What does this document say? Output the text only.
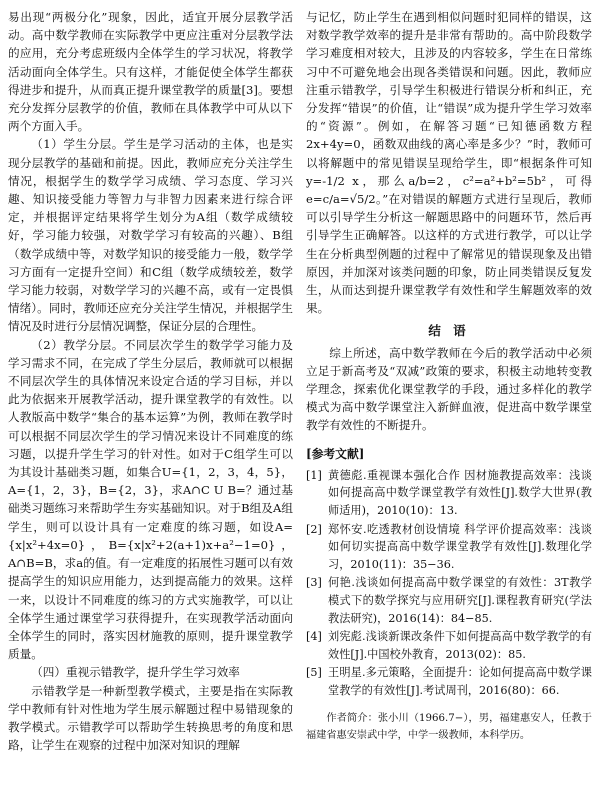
易出现“两极分化”现象，因此，适宜开展分层教学活动。高中数学教师在实际教学中更应注重对分层教学法的应用，充分考虑班级内全体学生的学习状况，将教学活动面向全体学生。只有这样，才能促使全体学生都获得进步和提升，从而真正提升课堂教学的质量[3]。要想充分发挥分层教学的价值，教师在具体教学中可从以下两个方面入手。

（1）学生分层。学生是学习活动的主体，也是实现分层教学的基础和前提。因此，教师应充分关注学生情况，根据学生的数学学习成绩、学习态度、学习兴趣、知识接受能力等智力与非智力因素来进行综合评定，并根据评定结果将学生划分为A组（数学成绩较好，学习能力较强，对数学学习有较高的兴趣）、B组（数学成绩中等，对数学知识的接受能力一般，数学学习方面有一定提升空间）和C组（数学成绩较差，数学学习能力较弱，对数学学习的兴趣不高，或有一定畏惧情绪）。同时，教师还应充分关注学生情况，并根据学生情况及时进行分层情况调整，保证分层的合理性。

（2）教学分层。不同层次学生的数学学习能力及学习需求不同，在完成了学生分层后，教师就可以根据不同层次学生的具体情况来设定合适的学习目标，并以此为依据来开展教学活动，提升课堂教学的有效性。以人教版高中数学“集合的基本运算”为例，教师在教学时可以根据不同层次学生的学习情况来设计不同难度的练习题，以提升学生学习的针对性。如对于C组学生可以为其设计基础类习题，如集合U={1，2，3，4，5}，A={1，2，3}，B={2，3}，求A∩C U B=？通过基础类习题练习来帮助学生夯实基础知识。对于B组及A组学生，则可以设计具有一定难度的练习题，如设A={x|x²+4x=0}，B={x|x²+2(a+1)x+a²−1=0}，A∩B=B，求a的值。有一定难度的拓展性习题可以有效提高学生的知识应用能力，达到提高能力的效果。这样一来，以设计不同难度的练习的方式实施教学，可以让全体学生通过课堂学习获得提升，在实现教学活动面向全体学生的同时，落实因材施教的原则，提升课堂教学质量。

（四）重视示错教学，提升学生学习效率

示错教学是一种新型教学模式，主要是指在实际教学中教师有针对性地为学生展示解题过程中易错现象的教学模式。示错教学可以帮助学生转换思考的角度和思路，让学生在观察的过程中加深对知识的理解

与记忆，防止学生在遇到相似问题时犯同样的错误，这对数学教学效率的提升是非常有帮助的。高中阶段数学学习难度相对较大，且涉及的内容较多，学生在日常练习中不可避免地会出现各类错误和问题。因此，教师应注重示错教学，引导学生积极进行错误分析和纠正，充分发挥“错误”的价值，让“错误”成为提升学生学习效率的“资源”。例如，在解答习题“已知德函数方程2x+4y=0，函数双曲线的离心率是多少？”时，教师可以将解题中的常见错误呈现给学生，即“根据条件可知y=-1/2 x，那么a/b=2，c²=a²+b²=5b²，可得e=c/a=√5/2。”在对错误的解题方式进行呈现后，教师可以引导学生分析这一解题思路中的问题环节，然后再引导学生正确解答。以这样的方式进行教学，可以让学生在分析典型例题的过程中了解常见的错误现象及出错原因，并加深对该类问题的印象，防止同类错误反复发生，从而达到提升课堂教学有效性和学生解题效率的效果。

结 语

综上所述，高中数学教师在今后的教学活动中必须立足于新高考及“双减”政策的要求，积极主动地转变教学理念，探索优化课堂教学的手段，通过多样化的教学模式为高中数学课堂注入新鲜血液，促进高中数学课堂教学有效性的不断提升。

[参考文献]
[1] 黄德彪.重视课本强化合作 因材施教提高效率：浅谈如何提高高中数学课堂教学有效性[J].数学大世界(教师适用)，2010(10)：13.
[2] 郑怀安.吃透教材创设情境 科学评价提高效率：浅谈如何切实提高高中数学课堂教学有效性[J].数理化学习，2010(11)：35−36.
[3] 何艳.浅谈如何提高高中数学课堂的有效性：3T教学模式下的数学探究与应用研究[J].课程教育研究(学法教法研究)，2016(14)：84−85.
[4] 刘宪彪.浅谈新课改条件下如何提高高中数学教学的有效性[J].中国校外教育，2013(02)：85.
[5] 王明星.多元策略，全面提升：论如何提高高中数学课堂教学的有效性[J].考试周刊，2016(80)：66.
作者简介：张小川（1966.7−），男，福建惠安人，任教于福建省惠安崇武中学，中学一级教师，本科学历。
